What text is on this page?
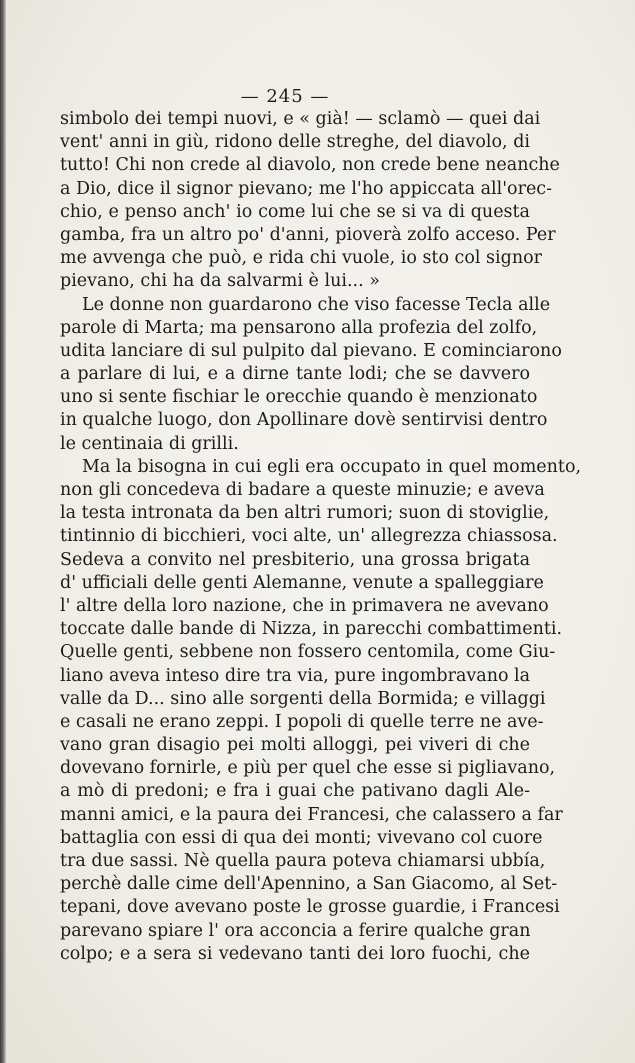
— 245 —
simbolo dei tempi nuovi, e « già! — sclamò — quei dai
vent' anni in giù, ridono delle streghe, del diavolo, di
tutto! Chi non crede al diavolo, non crede bene neanche
a Dio, dice il signor pievano; me l'ho appiccata all'orec-
chio, e penso anch' io come lui che se si va di questa
gamba, fra un altro po' d'anni, pioverà zolfo acceso. Per
me avvenga che può, e rida chi vuole, io sto col signor
pievano, chi ha da salvarmi è lui... »
Le donne non guardarono che viso facesse Tecla alle
parole di Marta; ma pensarono alla profezia del zolfo,
udita lanciare di sul pulpito dal pievano. E cominciarono
a parlare di lui, e a dirne tante lodi; che se davvero
uno si sente fischiar le orecchie quando è menzionato
in qualche luogo, don Apollinare dovè sentirvisi dentro
le centinaia di grilli.
Ma la bisogna in cui egli era occupato in quel momento,
non gli concedeva di badare a queste minuzie; e aveva
la testa intronata da ben altri rumori; suon di stoviglie,
tintinnio di bicchieri, voci alte, un' allegrezza chiassosa.
Sedeva a convito nel presbiterio, una grossa brigata
d' ufficiali delle genti Alemanne, venute a spalleggiare
l' altre della loro nazione, che in primavera ne avevano
toccate dalle bande di Nizza, in parecchi combattimenti.
Quelle genti, sebbene non fossero centomila, come Giu-
liano aveva inteso dire tra via, pure ingombravano la
valle da D... sino alle sorgenti della Bormida; e villaggi
e casali ne erano zeppi. I popoli di quelle terre ne ave-
vano gran disagio pei molti alloggi, pei viveri di che
dovevano fornirle, e più per quel che esse si pigliavano,
a mò di predoni; e fra i guai che pativano dagli Ale-
manni amici, e la paura dei Francesi, che calassero a far
battaglia con essi di qua dei monti; vivevano col cuore
tra due sassi. Nè quella paura poteva chiamarsi ubbía,
perchè dalle cime dell'Apennino, a San Giacomo, al Set-
tepani, dove avevano poste le grosse guardie, i Francesi
parevano spiare l' ora acconcia a ferire qualche gran
colpo; e a sera si vedevano tanti dei loro fuochi, che
